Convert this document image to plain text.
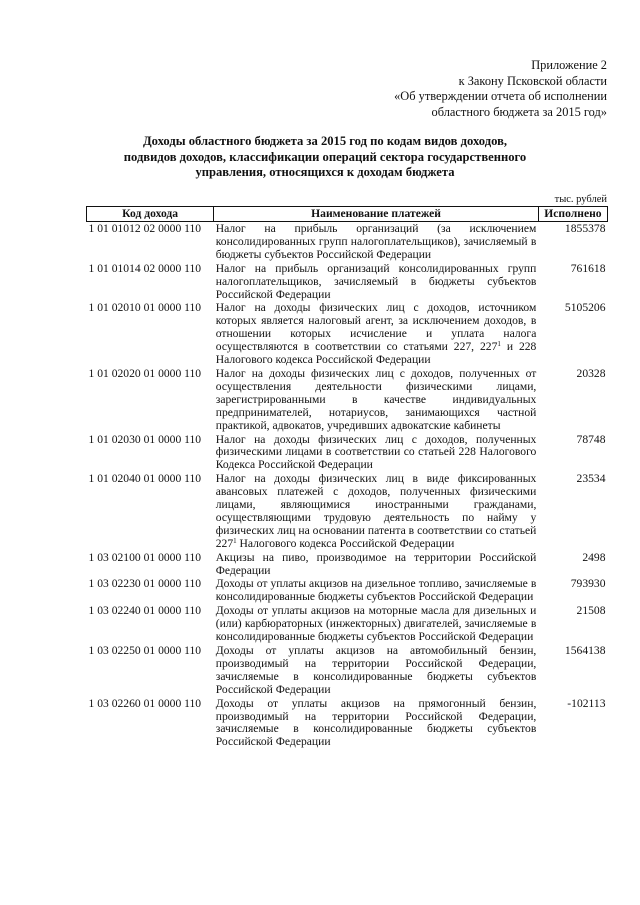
Приложение 2
к Закону Псковской области
«Об утверждении отчета об исполнении
областного бюджета за 2015 год»
Доходы областного бюджета за 2015 год по кодам видов доходов,
подвидов доходов, классификации операций сектора государственного
управления, относящихся к доходам бюджета
тыс. рублей
Код дохода	Наименование платежей	Исполнено
1 01 01012 02 0000 110	Налог на прибыль организаций (за исключением консолидированных групп налогоплательщиков), зачисляемый в бюджеты субъектов Российской Федерации	1855378
1 01 01014 02 0000 110	Налог на прибыль организаций консолидированных групп налогоплательщиков, зачисляемый в бюджеты субъектов Российской Федерации	761618
1 01 02010 01 0000 110	Налог на доходы физических лиц с доходов, источником которых является налоговый агент, за исключением доходов, в отношении которых исчисление и уплата налога осуществляются в соответствии со статьями 227, $227^1$ и 228 Налогового кодекса Российской Федерации	5105206
1 01 02020 01 0000 110	Налог на доходы физических лиц с доходов, полученных от осуществления деятельности физическими лицами, зарегистрированными в качестве индивидуальных предпринимателей, нотариусов, занимающихся частной практикой, адвокатов, учредивших адвокатские кабинеты	20328
1 01 02030 01 0000 110	Налог на доходы физических лиц с доходов, полученных физическими лицами в соответствии со статьей 228 Налогового Кодекса Российской Федерации	78748
1 01 02040 01 0000 110	Налог на доходы физических лиц в виде фиксированных авансовых платежей с доходов, полученных физическими лицами, являющимися иностранными гражданами, осуществляющими трудовую деятельность по найму у физических лиц на основании патента в соответствии со статьей $227^1$ Налогового кодекса Российской Федерации	23534
1 03 02100 01 0000 110	Акцизы на пиво, производимое на территории Российской Федерации	2498
1 03 02230 01 0000 110	Доходы от уплаты акцизов на дизельное топливо, зачисляемые в консолидированные бюджеты субъектов Российской Федерации	793930
1 03 02240 01 0000 110	Доходы от уплаты акцизов на моторные масла для дизельных и (или) карбюраторных (инжекторных) двигателей, зачисляемые в консолидированные бюджеты субъектов Российской Федерации	21508
1 03 02250 01 0000 110	Доходы от уплаты акцизов на автомобильный бензин, производимый на территории Российской Федерации, зачисляемые в консолидированные бюджеты субъектов Российской Федерации	1564138
1 03 02260 01 0000 110	Доходы от уплаты акцизов на прямогонный бензин, производимый на территории Российской Федерации, зачисляемые в консолидированные бюджеты субъектов Российской Федерации	-102113
